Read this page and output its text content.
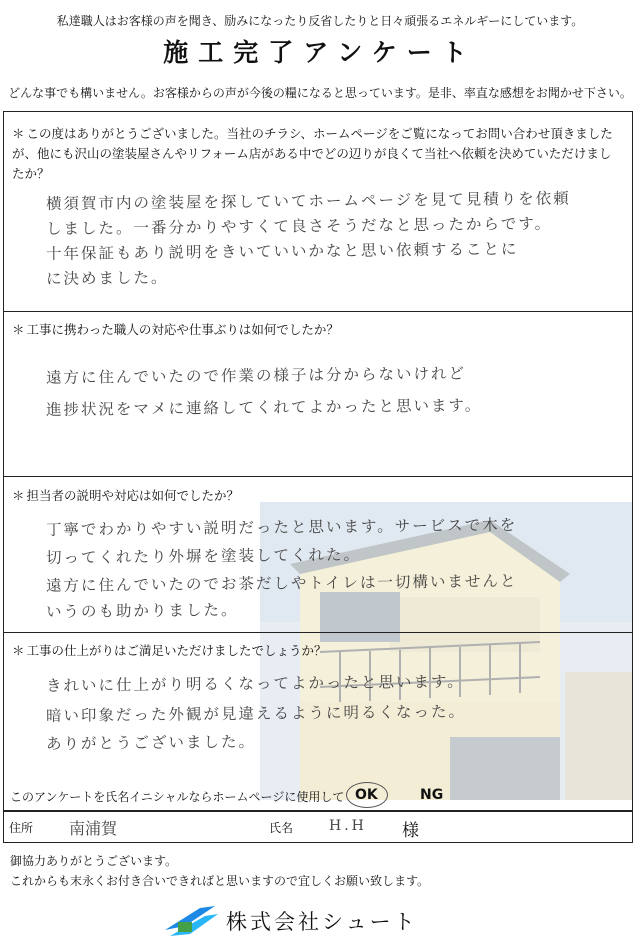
私達職人はお客様の声を聞き、励みになったり反省したりと日々頑張るエネルギーにしています。
施工完了アンケート
どんな事でも構いません。お客様からの声が今後の糧になると思っています。是非、率直な感想をお聞かせ下さい。
＊ この度はありがとうございました。当社のチラシ、ホームページをご覧になってお問い合わせ頂きましたが、他にも沢山の塗装屋さんやリフォーム店がある中でどの辺りが良くて当社へ依頼を決めていただけましたか？
横須賀市内の塗装屋を探していてホームページを見て見積りを依頼
しました。一番分かりやすくて良さそうだなと思ったからです。
十年保証もあり説明をきいていいかなと思い依頼することに
に決めました。
＊ 工事に携わった職人の対応や仕事ぶりは如何でしたか？
遠方に住んでいたので作業の様子は分からないけれど
進捗状況をマメに連絡してくれてよかったと思います。
＊ 担当者の説明や対応は如何でしたか？
丁寧でわかりやすい説明だったと思います。サービスで木を
切ってくれたり外塀を塗装してくれた。
遠方に住んでいたのでお茶だしやトイレは一切構いませんと
いうのも助かりました。
＊ 工事の仕上がりはご満足いただけましたでしょうか？
きれいに仕上がり明るくなってよかったと思います。
暗い印象だった外観が見違えるように明るくなった。
ありがとうございました。
このアンケートを氏名イニシャルならホームページに使用して OK	NG
住所 南浦賀	氏名	H.H 様
御協力ありがとうございます。
これからも末永くお付き合いできればと思いますので宜しくお願い致します。
株式会社シュート
